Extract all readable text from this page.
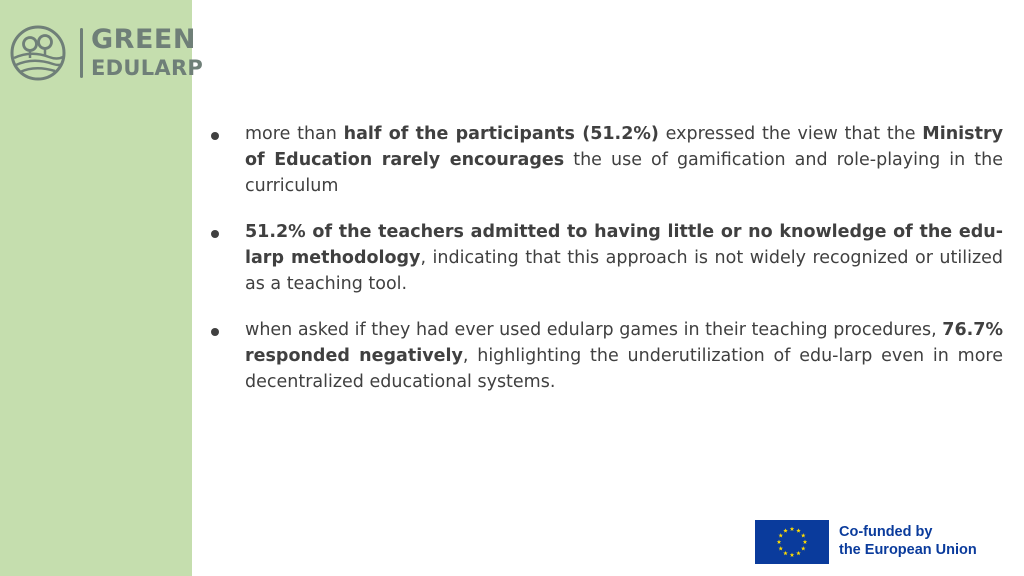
GREEN
EDULARP
more than half of the participants (51.2%) expressed the view that the Ministry of Education rarely encourages the use of gamification and role-playing in the curriculum
51.2% of the teachers admitted to having little or no knowledge of the edu-larp methodology, indicating that this approach is not widely recognized or utilized as a teaching tool.
when asked if they had ever used edularp games in their teaching procedures, 76.7% responded negatively, highlighting the underutilization of edu-larp even in more decentralized educational systems.
Co-funded by
the European Union
